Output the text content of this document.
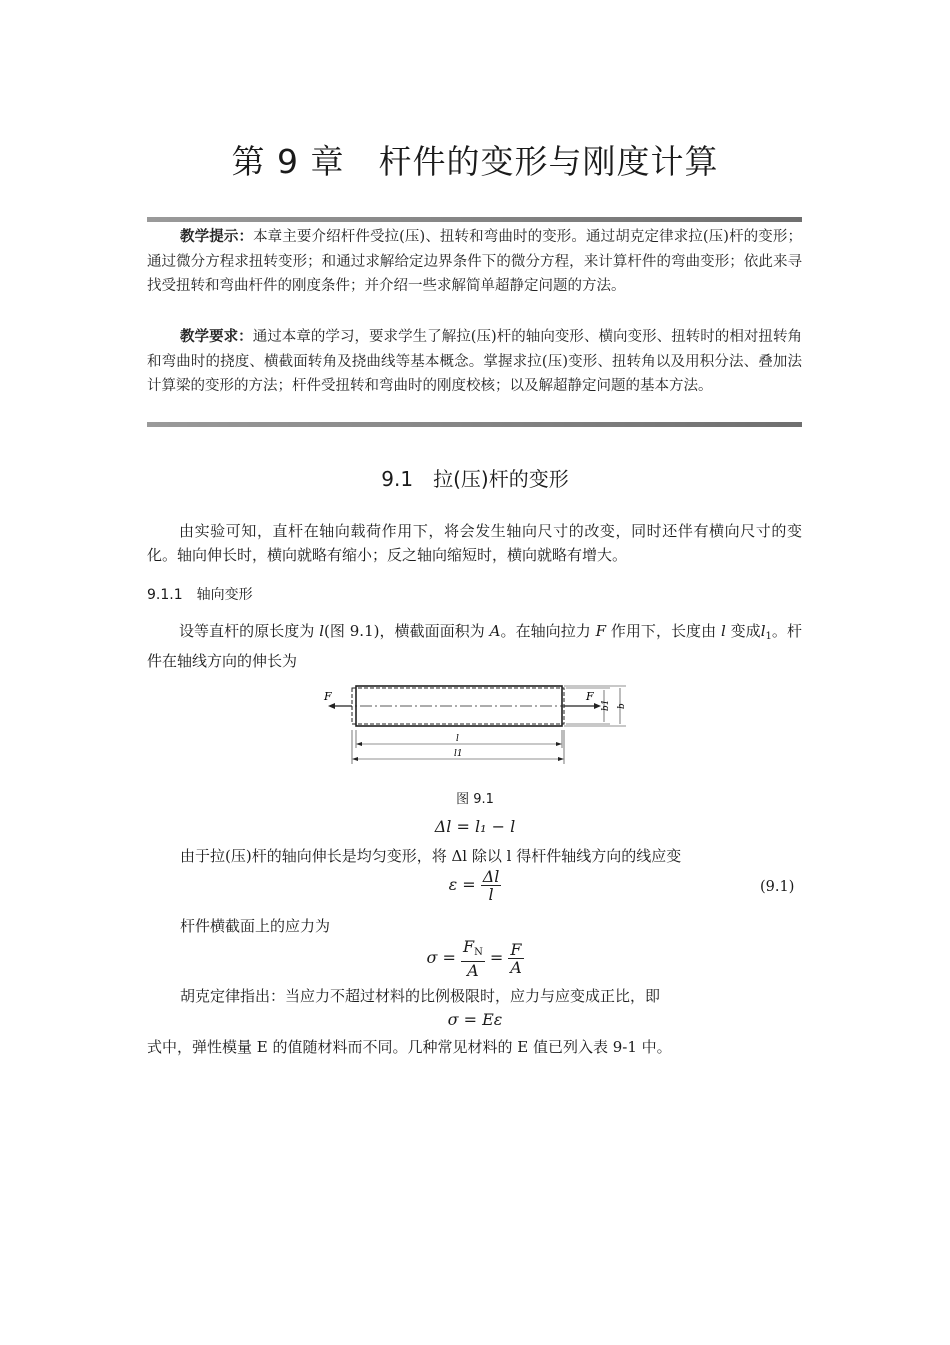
第 9 章　杆件的变形与刚度计算

教学提示：本章主要介绍杆件受拉(压)、扭转和弯曲时的变形。通过胡克定律求拉(压)杆的变形；通过微分方程求扭转变形；和通过求解给定边界条件下的微分方程，来计算杆件的弯曲变形；依此来寻找受扭转和弯曲杆件的刚度条件；并介绍一些求解简单超静定问题的方法。

教学要求：通过本章的学习，要求学生了解拉(压)杆的轴向变形、横向变形、扭转时的相对扭转角和弯曲时的挠度、横截面转角及挠曲线等基本概念。掌握求拉(压)变形、扭转角以及用积分法、叠加法计算梁的变形的方法；杆件受扭转和弯曲时的刚度校核；以及解超静定问题的基本方法。

9.1　拉(压)杆的变形

由实验可知，直杆在轴向载荷作用下，将会发生轴向尺寸的改变，同时还伴有横向尺寸的变化。轴向伸长时，横向就略有缩小；反之轴向缩短时，横向就略有增大。

9.1.1　轴向变形

设等直杆的原长度为 l(图 9.1)，横截面面积为 A。在轴向拉力 F 作用下，长度由 l 变成$l_1$。杆件在轴线方向的伸长为

F	F
b1 b
l
l1
图 9.1
Δl = l₁ − l
由于拉(压)杆的轴向伸长是均匀变形，将 Δl 除以 l 得杆件轴线方向的线应变
$\varepsilon = \frac{\Delta l}{l}$	(9.1)
杆件横截面上的应力为
$\sigma = \frac{F_N}{A} = \frac{F}{A}$
胡克定律指出：当应力不超过材料的比例极限时，应力与应变成正比，即
σ = Eε

式中，弹性模量 E 的值随材料而不同。几种常见材料的 E 值已列入表 9-1 中。
